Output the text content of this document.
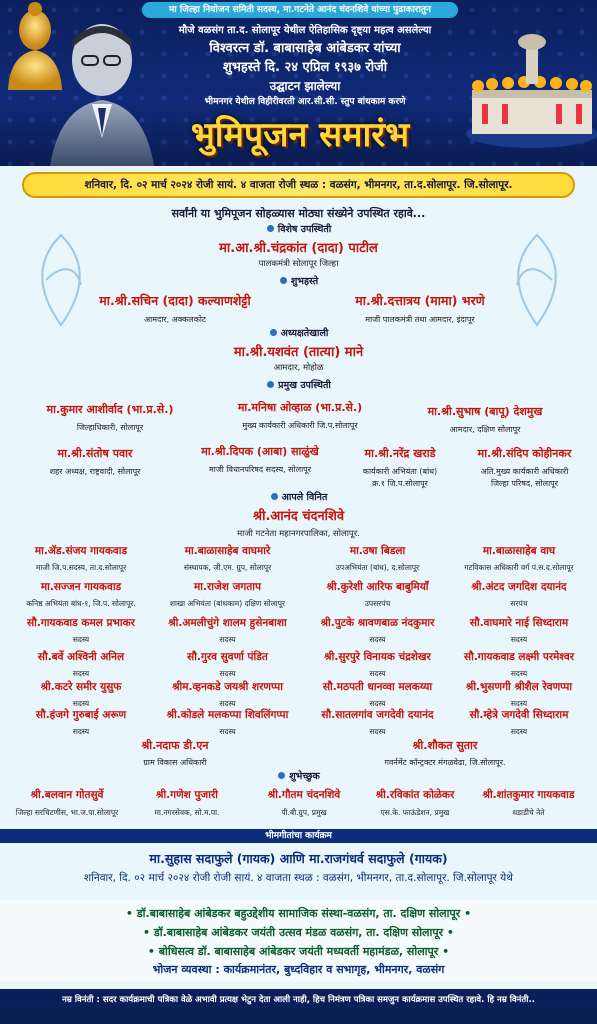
मा जिल्हा नियोजन समिती सदस्य, मा.गटनेते आनंद चंदनशिवे यांच्या पुढाकारातुन
मौजे वळसंग ता.द. सोलापूर येथील ऐतिहासिक दृष्ट्या महत्व असलेल्या
विश्वरत्न डॉ. बाबासाहेब आंबेडकर यांच्या
शुभहस्ते दि. २४ एप्रिल १९३७ रोजी
उद्घाटन झालेल्या
भीमनगर येथील विहीरीवरती आर.सी.सी. स्तुप बांधकाम करणे
भुमिपूजन समारंभ
शनिवार, दि. ०२ मार्च २०२४ रोजी सायं. ४ वाजता रोजी स्थळ : वळसंग, भीमनगर, ता.द.सोलापूर. जि.सोलापूर.
सर्वांनी या भुमिपूजन सोहळ्यास मोठ्या संख्येने उपस्थित रहावे...
विशेष उपस्थिती
मा.आ.श्री.चंद्रकांत (दादा) पाटील
पालकमंत्री सोलापूर जिल्हा
शुभहस्ते
मा.श्री.सचिन (दादा) कल्याणशेट्टी
आमदार, अक्कलकोट
मा.श्री.दत्तात्रय (मामा) भरणे
माजी पालकमंत्री तथा आमदार, इंदापूर
अध्यक्षतेखाली
मा.श्री.यशवंत (तात्या) माने
आमदार, मोहोळ
प्रमुख उपस्थिती
मा.कुमार आशीर्वाद (भा.प्र.से.)
जिल्हाधिकारी, सोलापूर
मा.मनिषा ओव्हाळ (भा.प्र.से.)
मुख्य कार्यकारी अधिकारी जि.प.सोलापूर
मा.श्री.सुभाष (बापू) देशमुख
आमदार, दक्षिण सोलापूर
मा.श्री.संतोष पवार
शहर अध्यक्ष, राष्ट्रवादी, सोलापूर
मा.श्री.दिपक (आबा) साळुंखे
माजी विधानपरिषद सदस्य, सोलापूर
मा.श्री.नरेंद्र खराडे
कार्यकारी अभियंता (बांध)
क्र.१ जि.प.सोलापूर
मा.श्री.संदिप कोहीनकर
अति.मुख्य कार्यकारी अधिकारी
जिल्हा परिषद, सोलापूर
आपले विनित
श्री.आनंद चंदनशिवे
माजी गटनेता महानगरपालिका, सोलापूर.
मा.ॲड.संजय गायकवाड
माजी जि.प.सदस्य, ता.द.सोलापूर
मा.बाळासाहेब वाघमारे
संस्थापक, जी.एम. ग्रुप, सोलापूर
मा.उषा बिडला
उपअभियंता (बांध), द.सोलापूर
मा.बाळासाहेब वाघ
गटविकास अधिकारी वर्ग पं.स.द.सोलापूर
मा.सज्जन गायकवाड
कनिष्ठ अभियंता बांध-१, जि.प. सोलापूर.
मा.राजेश जगताप
शाखा अभियंता (बांधकाम) दक्षिण सोलापूर
श्री.कुरेशी आरिफ बाबुमियाँ
उपसरपंच
श्री.अंटद जगदिश दयानंद
सरपंच
सौ.गायकवाड कमल प्रभाकर
सदस्य
श्री.अमलीचुंगे शालम हुसेनबाशा
सदस्य
श्री.पुटके श्रावणबाळ नंदकुमार
सदस्य
सौ.वाघमारे नाई सिध्दाराम
सदस्य
सौ.बर्वे अश्विनी अनिल
सदस्य
सौ.गुरव सुवर्णा पंडित
सदस्य
श्री.सुरपुरे विनायक चंद्रशेखर
सदस्य
सौ.गायकवाड लक्ष्मी परमेश्वर
सदस्य
श्री.कटरे समीर युसुफ
सदस्य
श्रीम.व्हनकडे जयश्री शरणप्पा
सदस्य
सौ.मठपती धानव्वा मलकय्या
सदस्य
श्री.भुसणगी श्रीशैल रेवणप्पा
सदस्य
सौ.हंजगे गुरुबाई अरूण
सदस्य
श्री.कोडले मलकप्पा शिवलिंगप्पा
सदस्य
सौ.सातलगांव जगदेवी दयानंद
सदस्य
सौ.म्हेत्रे जगदेवी सिध्दाराम
सदस्य
श्री.नदाफ डी.एन
ग्राम विकास अधिकारी
श्री.शौकत सुतार
गवर्नमेंट कॉन्ट्रक्टर मंगळवेढा, जि.सोलापूर.
शुभेच्छुक
श्री.बलवान गोतसुर्वे
जिल्हा सरचिटणीस, भा.ज.पा.सोलापूर
श्री.गणेश पुजारी
मा.नगरसेवक, सो.म.पा.
श्री.गौतम चंदनशिवे
पी.बी.ग्रुप, प्रमुख
श्री.रविकांत कोळेकर
एस.के. फाऊंडेशन, प्रमुख
श्री.शांतकुमार गायकवाड
धडाडीचे नेते
भीमगीतांचा कार्यक्रम
मा.सुहास सदाफुले (गायक) आणि मा.राजगंधर्व सदाफुले (गायक)
शनिवार, दि. ०२ मार्च २०२४ रोजी रोजी सायं. ४ वाजता स्थळ : वळसंग, भीमनगर, ता.द.सोलापूर. जि.सोलापूर येथे
• डॉ.बाबासाहेब आंबेडकर बहुउद्देशीय सामाजिक संस्था-वळसंग, ता. दक्षिण सोलापूर •
• डॉ.बाबासाहेब आंबेडकर जयंती उत्सव मंडळ वळसंग, ता. दक्षिण सोलापूर •
• बोधिसत्व डॉ. बाबासाहेब आंबेडकर जयंती मध्यवर्ती महामंडळ, सोलापूर •
भोजन व्यवस्था : कार्यक्रमानंतर, बुध्दविहार व सभागृह, भीमनगर, वळसंग
नम्र विनंती : सदर कार्यक्रमाची पत्रिका वेळे अभावी प्रत्यक्ष भेटुन देता आली नाही, हिच निमंत्रण पत्रिका समजुन कार्यक्रमास उपस्थित रहावे. हि नम्र विनंती..
